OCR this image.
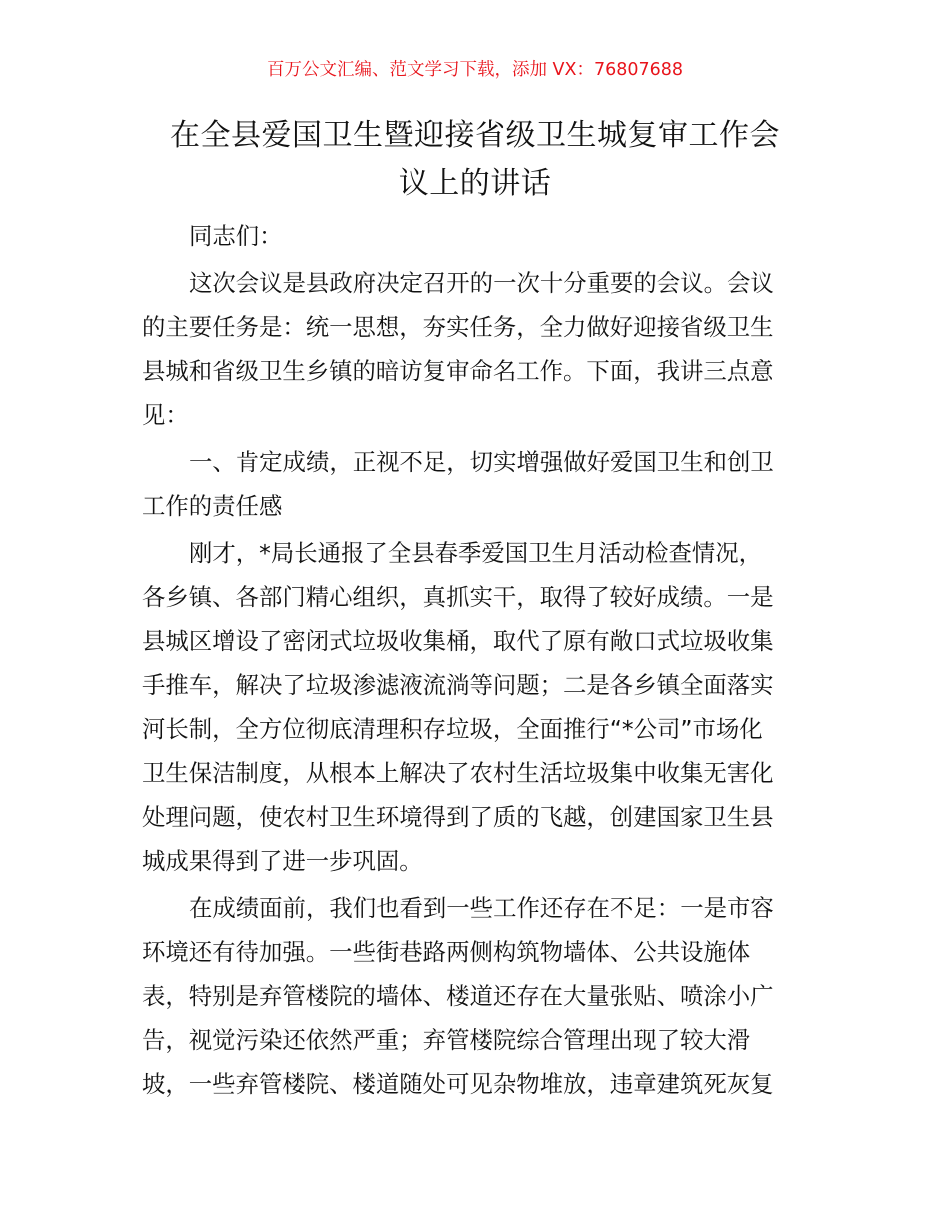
百万公文汇编、范文学习下载，添加 VX：76807688
在全县爱国卫生暨迎接省级卫生城复审工作会
议上的讲话
同志们：
这次会议是县政府决定召开的一次十分重要的会议。会议
的主要任务是：统一思想，夯实任务，全力做好迎接省级卫生
县城和省级卫生乡镇的暗访复审命名工作。下面，我讲三点意
见：
一、肯定成绩，正视不足，切实增强做好爱国卫生和创卫
工作的责任感
刚才，*局长通报了全县春季爱国卫生月活动检查情况，
各乡镇、各部门精心组织，真抓实干，取得了较好成绩。一是
县城区增设了密闭式垃圾收集桶，取代了原有敞口式垃圾收集
手推车，解决了垃圾渗滤液流淌等问题；二是各乡镇全面落实
河长制，全方位彻底清理积存垃圾，全面推行“*公司”市场化
卫生保洁制度，从根本上解决了农村生活垃圾集中收集无害化
处理问题，使农村卫生环境得到了质的飞越，创建国家卫生县
城成果得到了进一步巩固。
在成绩面前，我们也看到一些工作还存在不足：一是市容
环境还有待加强。一些街巷路两侧构筑物墙体、公共设施体
表，特别是弃管楼院的墙体、楼道还存在大量张贴、喷涂小广
告，视觉污染还依然严重；弃管楼院综合管理出现了较大滑
坡，一些弃管楼院、楼道随处可见杂物堆放，违章建筑死灰复
